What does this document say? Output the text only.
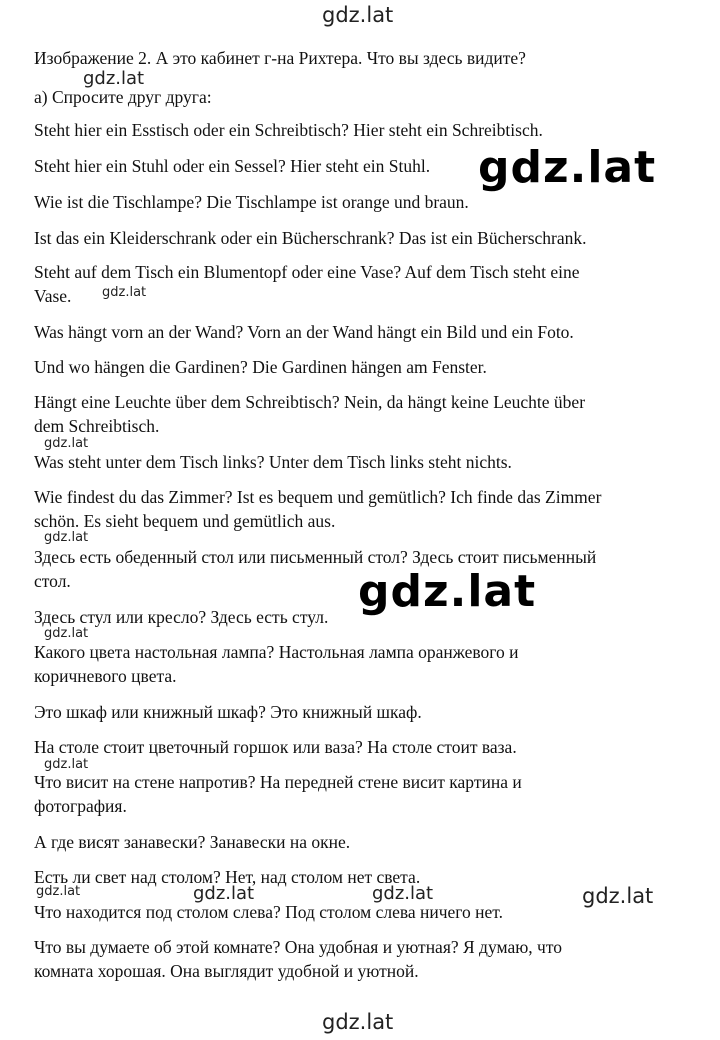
Изображение 2. А это кабинет г-на Рихтера. Что вы здесь видите?
а) Спросите друг друга:
Steht hier ein Esstisch oder ein Schreibtisch? Hier steht ein Schreibtisch.
Steht hier ein Stuhl oder ein Sessel? Hier steht ein Stuhl.
Wie ist die Tischlampe? Die Tischlampe ist orange und braun.
Ist das ein Kleiderschrank oder ein Bücherschrank? Das ist ein Bücherschrank.
Steht auf dem Tisch ein Blumentopf oder eine Vase? Auf dem Tisch steht eine
Vase.
Was hängt vorn an der Wand? Vorn an der Wand hängt ein Bild und ein Foto.
Und wo hängen die Gardinen? Die Gardinen hängen am Fenster.
Hängt eine Leuchte über dem Schreibtisch? Nein, da hängt keine Leuchte über
dem Schreibtisch.
Was steht unter dem Tisch links? Unter dem Tisch links steht nichts.
Wie findest du das Zimmer? Ist es bequem und gemütlich? Ich finde das Zimmer
schön. Es sieht bequem und gemütlich aus.
Здесь есть обеденный стол или письменный стол? Здесь стоит письменный
стол.
Здесь стул или кресло? Здесь есть стул.
Какого цвета настольная лампа? Настольная лампа оранжевого и
коричневого цвета.
Это шкаф или книжный шкаф? Это книжный шкаф.
На столе стоит цветочный горшок или ваза? На столе стоит ваза.
Что висит на стене напротив? На передней стене висит картина и
фотография.
А где висят занавески? Занавески на окне.
Есть ли свет над столом? Нет, над столом нет света.
Что находится под столом слева? Под столом слева ничего нет.
Что вы думаете об этой комнате? Она удобная и уютная? Я думаю, что
комната хорошая. Она выглядит удобной и уютной.
gdz.lat
gdz.lat
gdz.lat
gdz.lat
gdz.lat
gdz.lat
gdz.lat
gdz.lat
gdz.lat
gdz.lat	gdz.lat	gdz.lat	gdz.lat
gdz.lat
